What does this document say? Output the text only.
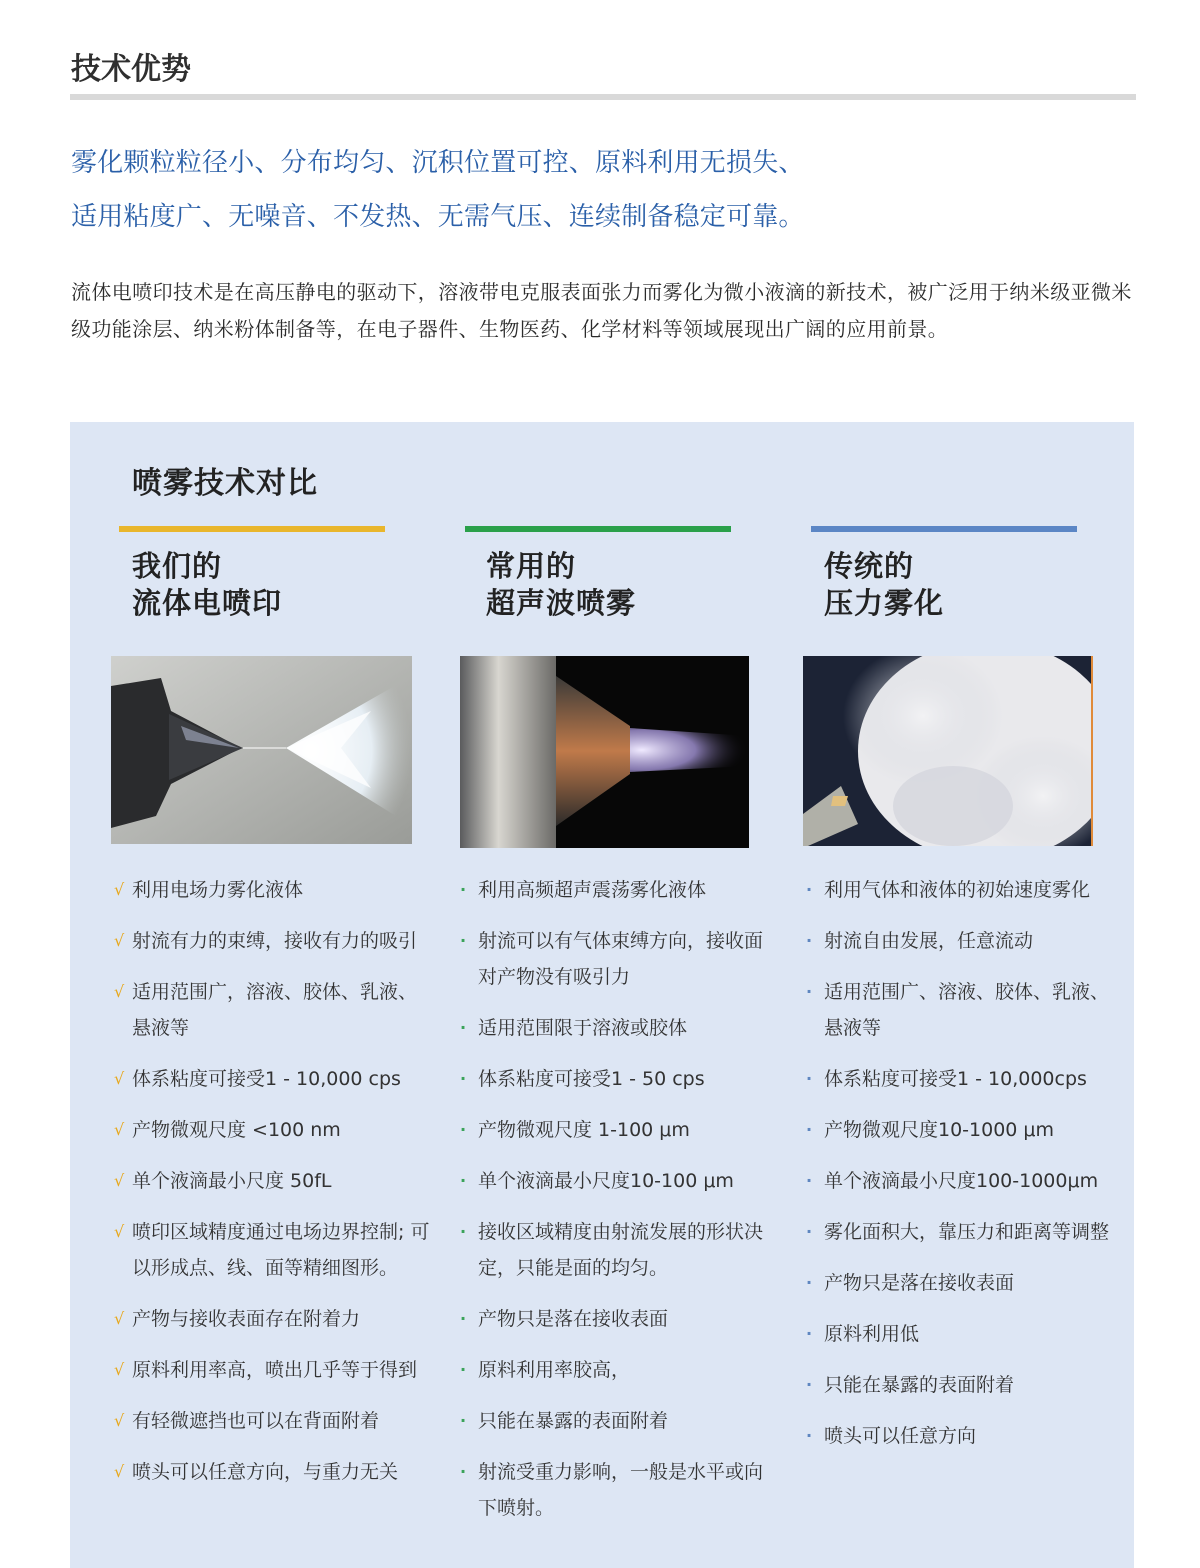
技术优势

雾化颗粒粒径小、分布均匀、沉积位置可控、原料利用无损失、

适用粘度广、无噪音、不发热、无需气压、连续制备稳定可靠。

流体电喷印技术是在高压静电的驱动下，溶液带电克服表面张力而雾化为微小液滴的新技术，被广泛用于纳米级亚微米级功能涂层、纳米粉体制备等，在电子器件、生物医药、化学材料等领域展现出广阔的应用前景。

喷雾技术对比
我们的
流体电喷印
√ 利用电场力雾化液体
√ 射流有力的束缚，接收有力的吸引
√ 适用范围广，溶液、胶体、乳液、悬液等
√ 体系粘度可接受1 - 10,000 cps
√ 产物微观尺度 <100 nm
√ 单个液滴最小尺度 50fL
√ 喷印区域精度通过电场边界控制; 可以形成点、线、面等精细图形。
√ 产物与接收表面存在附着力
√ 原料利用率高，喷出几乎等于得到
√ 有轻微遮挡也可以在背面附着
√ 喷头可以任意方向，与重力无关
常用的
超声波喷雾
· 利用高频超声震荡雾化液体
· 射流可以有气体束缚方向，接收面对产物没有吸引力
· 适用范围限于溶液或胶体
· 体系粘度可接受1 - 50 cps
· 产物微观尺度 1-100 μm
· 单个液滴最小尺度10-100 μm
· 接收区域精度由射流发展的形状决定，只能是面的均匀。
· 产物只是落在接收表面
· 原料利用率胶高，
· 只能在暴露的表面附着
· 射流受重力影响，一般是水平或向下喷射。
传统的
压力雾化
· 利用气体和液体的初始速度雾化
· 射流自由发展，任意流动
· 适用范围广、溶液、胶体、乳液、悬液等
· 体系粘度可接受1 - 10,000cps
· 产物微观尺度10-1000 μm
· 单个液滴最小尺度100-1000μm
· 雾化面积大，靠压力和距离等调整
· 产物只是落在接收表面
· 原料利用低
· 只能在暴露的表面附着
· 喷头可以任意方向
